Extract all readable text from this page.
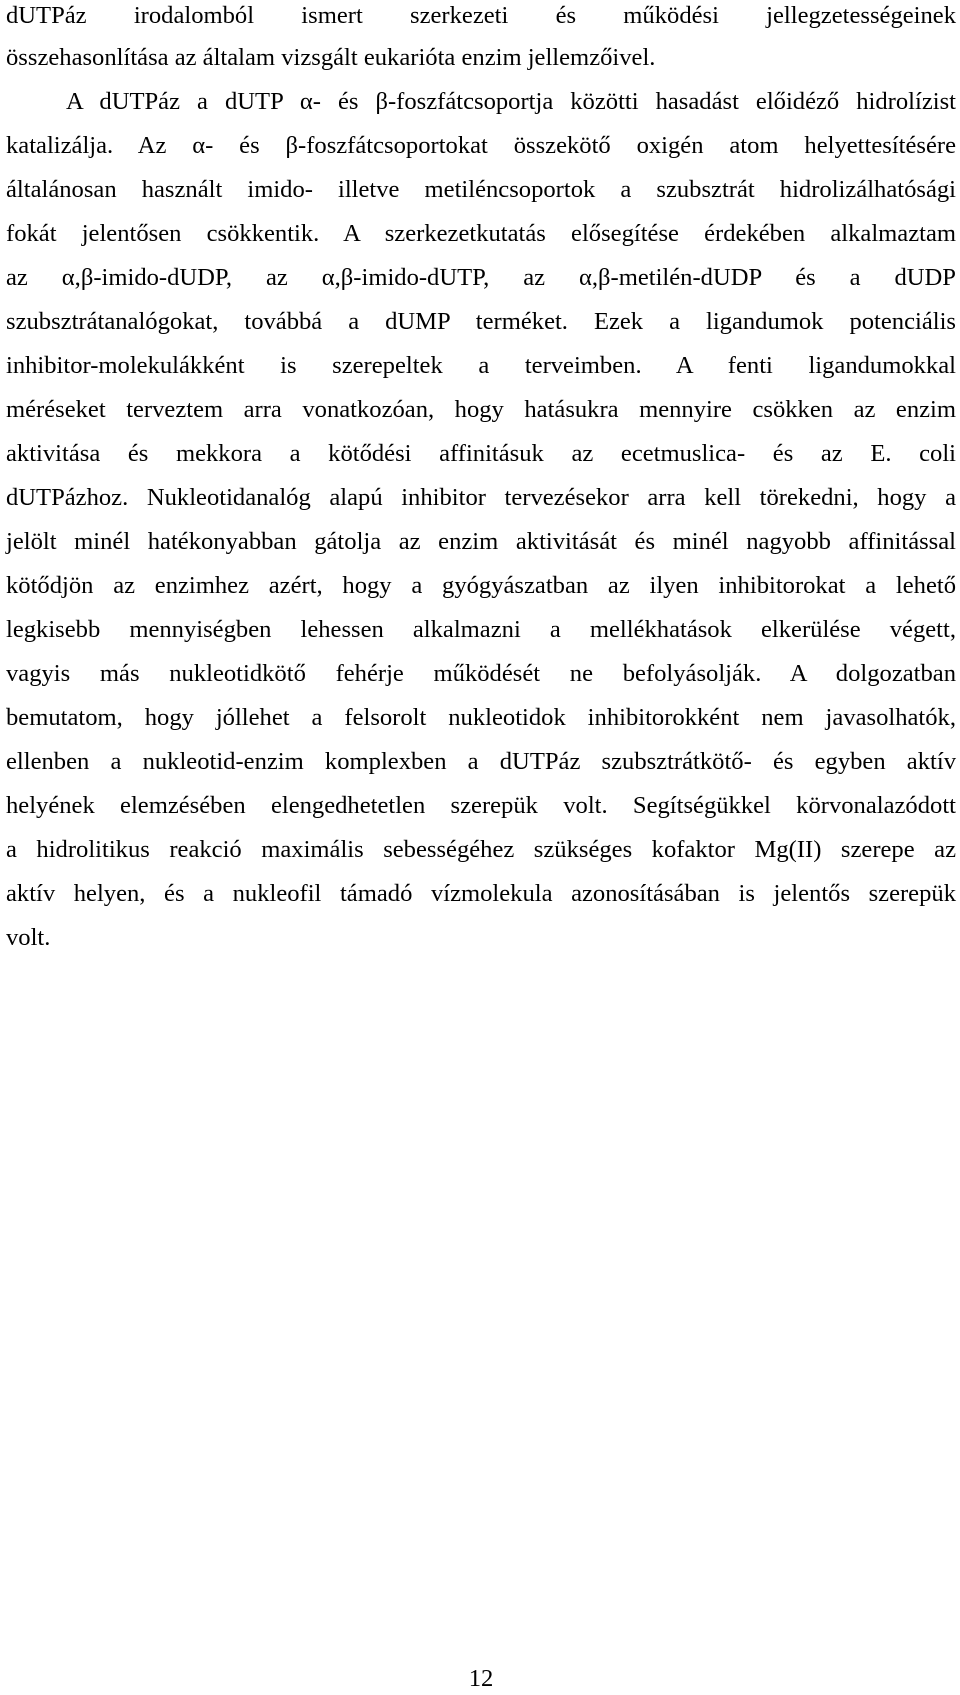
dUTPáz irodalomból ismert szerkezeti és működési jellegzetességeinek
összehasonlítása az általam vizsgált eukarióta enzim jellemzőivel.
A dUTPáz a dUTP α- és β-foszfátcsoportja közötti hasadást előidéző hidrolízist
katalizálja. Az α- és β-foszfátcsoportokat összekötő oxigén atom helyettesítésére
általánosan használt imido- illetve metiléncsoportok a szubsztrát hidrolizálhatósági
fokát jelentősen csökkentik. A szerkezetkutatás elősegítése érdekében alkalmaztam
az α,β-imido-dUDP, az α,β-imido-dUTP, az α,β-metilén-dUDP és a dUDP
szubsztrátanalógokat, továbbá a dUMP terméket. Ezek a ligandumok potenciális
inhibitor-molekulákként is szerepeltek a terveimben. A fenti ligandumokkal
méréseket terveztem arra vonatkozóan, hogy hatásukra mennyire csökken az enzim
aktivitása és mekkora a kötődési affinitásuk az ecetmuslica- és az E. coli
dUTPázhoz. Nukleotidanalóg alapú inhibitor tervezésekor arra kell törekedni, hogy a
jelölt minél hatékonyabban gátolja az enzim aktivitását és minél nagyobb affinitással
kötődjön az enzimhez azért, hogy a gyógyászatban az ilyen inhibitorokat a lehető
legkisebb mennyiségben lehessen alkalmazni a mellékhatások elkerülése végett,
vagyis más nukleotidkötő fehérje működését ne befolyásolják. A dolgozatban
bemutatom, hogy jóllehet a felsorolt nukleotidok inhibitorokként nem javasolhatók,
ellenben a nukleotid-enzim komplexben a dUTPáz szubsztrátkötő- és egyben aktív
helyének elemzésében elengedhetetlen szerepük volt. Segítségükkel körvonalazódott
a hidrolitikus reakció maximális sebességéhez szükséges kofaktor Mg(II) szerepe az
aktív helyen, és a nukleofil támadó vízmolekula azonosításában is jelentős szerepük
volt.
12
